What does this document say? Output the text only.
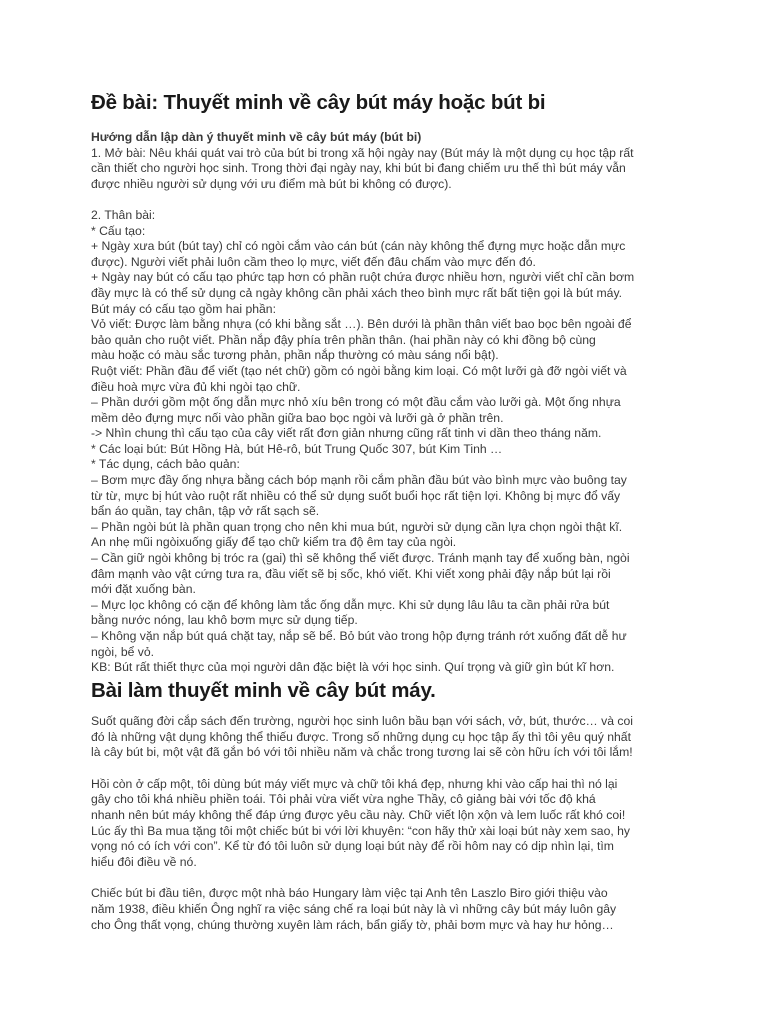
Đề bài: Thuyết minh về cây bút máy hoặc bút bi
Hướng dẫn lập dàn ý thuyết minh về cây bút máy (bút bi)
1. Mở bài: Nêu khái quát vai trò của bút bi trong xã hội ngày nay (Bút máy là một dụng cụ học tập rất
cần thiết cho người học sinh. Trong thời đại ngày nay, khi bút bi đang chiếm ưu thế thì bút máy vẫn
được nhiều người sử dụng với ưu điểm mà bút bi không có được).
2. Thân bài:
* Cấu tạo:
+ Ngày xưa bút (bút tay) chỉ có ngòi cắm vào cán bút (cán này không thể đựng mực hoặc dẫn mực
được). Người viết phải luôn cầm theo lọ mực, viết đến đâu chấm vào mực đến đó.
+ Ngày nay bút có cấu tạo phức tạp hơn có phần ruột chứa được nhiều hơn, người viết chỉ cần bơm
đầy mực là có thể sử dụng cả ngày không cần phải xách theo bình mực rất bất tiện gọi là bút máy.
Bút máy có cấu tạo gồm hai phần:
Vỏ viết: Được làm bằng nhựa (có khi bằng sắt …). Bên dưới là phần thân viết bao bọc bên ngoài để
bảo quản cho ruột viết. Phần nắp đậy phía trên phần thân. (hai phần này có khi đồng bộ cùng
màu hoặc có màu sắc tương phản, phần nắp thường có màu sáng nổi bật).
Ruột viết: Phần đầu để viết (tạo nét chữ) gồm có ngòi bằng kim loại. Có một lưỡi gà đỡ ngòi viết và
điều hoà mực vừa đủ khi ngòi tạo chữ.
– Phần dưới gồm một ống dẫn mực nhỏ xíu bên trong có một đầu cắm vào lưỡi gà. Một ống nhựa
mềm dẻo đựng mực nối vào phần giữa bao bọc ngòi và lưỡi gà ở phần trên.
-> Nhìn chung thì cấu tạo của cây viết rất đơn giản nhưng cũng rất tinh vi dần theo tháng năm.
* Các loại bút: Bút Hồng Hà, bút Hê-rô, bút Trung Quốc 307, bút Kim Tinh …
* Tác dụng, cách bảo quản:
– Bơm mực đầy ống nhựa bằng cách bóp mạnh rồi cắm phần đầu bút vào bình mực vào buông tay
từ từ, mực bị hút vào ruột rất nhiều có thể sử dụng suốt buổi học rất tiện lợi. Không bị mực đổ vấy
bẩn áo quần, tay chân, tập vở rất sạch sẽ.
– Phần ngòi bút là phần quan trọng cho nên khi mua bút, người sử dụng cần lựa chọn ngòi thật kĩ.
An nhẹ mũi ngòixuống giấy để tạo chữ kiểm tra độ êm tay của ngòi.
– Cần giữ ngòi không bị tróc ra (gai) thì sẽ không thể viết được. Tránh mạnh tay để xuống bàn, ngòi
đâm mạnh vào vật cứng tưa ra, đầu viết sẽ bị sốc, khó viết. Khi viết xong phải đậy nắp bút lại rồi
mới đặt xuống bàn.
– Mực lọc không có cặn để không làm tắc ống dẫn mực. Khi sử dụng lâu lâu ta cần phải rửa bút
bằng nước nóng, lau khô bơm mực sử dụng tiếp.
– Không vặn nắp bút quá chặt tay, nắp sẽ bể. Bỏ bút vào trong hộp đựng tránh rớt xuống đất dễ hư
ngòi, bể vỏ.
KB: Bút rất thiết thực của mọi người dân đặc biệt là với học sinh. Quí trọng và giữ gìn bút kĩ hơn.
Bài làm thuyết minh về cây bút máy.
Suốt quãng đời cắp sách đến trường, người học sinh luôn bầu bạn với sách, vở, bút, thước… và coi
đó là những vật dụng không thể thiếu được. Trong số những dụng cụ học tập ấy thì tôi yêu quý nhất
là cây bút bi, một vật đã gắn bó với tôi nhiều năm và chắc trong tương lai sẽ còn hữu ích với tôi lắm!
Hồi còn ở cấp một, tôi dùng bút máy viết mực và chữ tôi khá đẹp, nhưng khi vào cấp hai thì nó lại
gây cho tôi khá nhiều phiền toái. Tôi phải vừa viết vừa nghe Thầy, cô giảng bài với tốc độ khá
nhanh nên bút máy không thể đáp ứng được yêu cầu này. Chữ viết lộn xộn và lem luốc rất khó coi!
Lúc ấy thì Ba mua tặng tôi một chiếc bút bi với lời khuyên: “con hãy thử xài loại bút này xem sao, hy
vọng nó có ích với con”. Kể từ đó tôi luôn sử dụng loại bút này để rồi hôm nay có dịp nhìn lại, tìm
hiểu đôi điều về nó.
Chiếc bút bi đầu tiên, được một nhà báo Hungary làm việc tại Anh tên Laszlo Biro giới thiệu vào
năm 1938, điều khiến Ông nghĩ ra việc sáng chế ra loại bút này là vì những cây bút máy luôn gây
cho Ông thất vọng, chúng thường xuyên làm rách, bẩn giấy tờ, phải bơm mực và hay hư hỏng…
